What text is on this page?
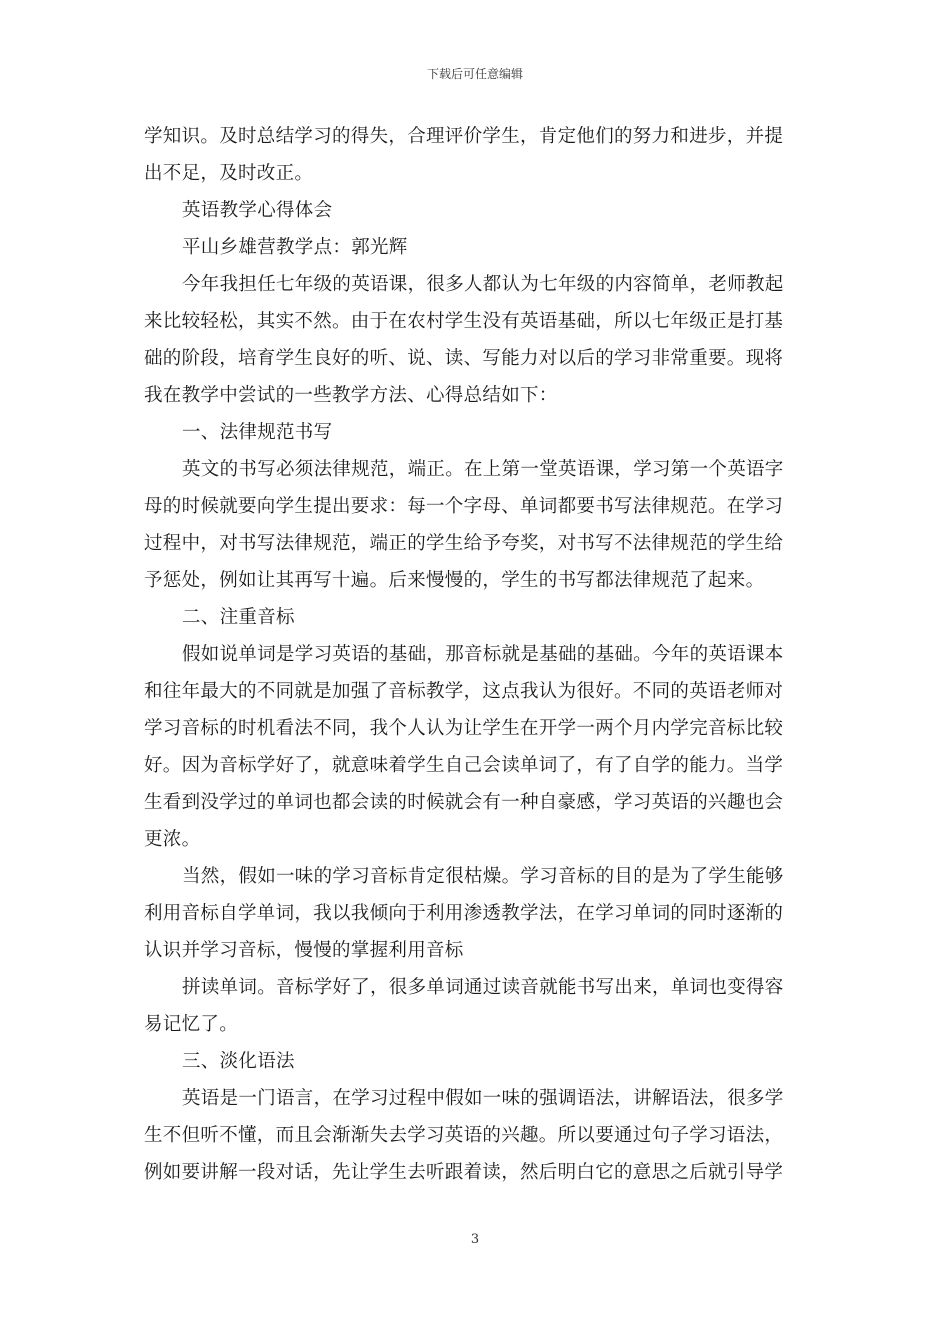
下载后可任意编辑
学知识。及时总结学习的得失，合理评价学生，肯定他们的努力和进步，并提
出不足，及时改正。
英语教学心得体会
平山乡雄营教学点：郭光辉
今年我担任七年级的英语课，很多人都认为七年级的内容简单，老师教起
来比较轻松，其实不然。由于在农村学生没有英语基础，所以七年级正是打基
础的阶段，培育学生良好的听、说、读、写能力对以后的学习非常重要。现将
我在教学中尝试的一些教学方法、心得总结如下：
一、法律规范书写
英文的书写必须法律规范，端正。在上第一堂英语课，学习第一个英语字
母的时候就要向学生提出要求：每一个字母、单词都要书写法律规范。在学习
过程中，对书写法律规范，端正的学生给予夸奖，对书写不法律规范的学生给
予惩处，例如让其再写十遍。后来慢慢的，学生的书写都法律规范了起来。
二、注重音标
假如说单词是学习英语的基础，那音标就是基础的基础。今年的英语课本
和往年最大的不同就是加强了音标教学，这点我认为很好。不同的英语老师对
学习音标的时机看法不同，我个人认为让学生在开学一两个月内学完音标比较
好。因为音标学好了，就意味着学生自己会读单词了，有了自学的能力。当学
生看到没学过的单词也都会读的时候就会有一种自豪感，学习英语的兴趣也会
更浓。
当然，假如一味的学习音标肯定很枯燥。学习音标的目的是为了学生能够
利用音标自学单词，我以我倾向于利用渗透教学法，在学习单词的同时逐渐的
认识并学习音标，慢慢的掌握利用音标
拼读单词。音标学好了，很多单词通过读音就能书写出来，单词也变得容
易记忆了。
三、淡化语法
英语是一门语言，在学习过程中假如一味的强调语法，讲解语法，很多学
生不但听不懂，而且会渐渐失去学习英语的兴趣。所以要通过句子学习语法，
例如要讲解一段对话，先让学生去听跟着读，然后明白它的意思之后就引导学
3
